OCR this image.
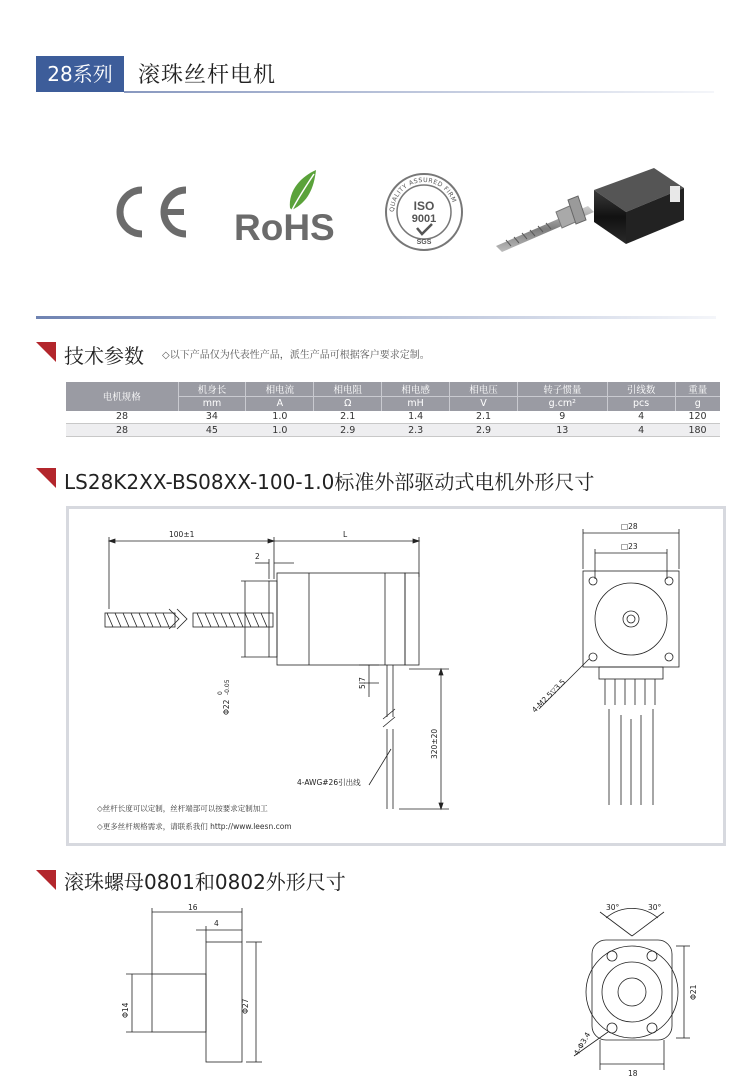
28系列	滚珠丝杆电机
CE
RoHS	QUALITY ASSURED FIRM
ISO
9001
SGS
技术参数 ◇以下产品仅为代表性产品，派生产品可根据客户要求定制。
电机规格	机身长	相电流	相电阻	相电感	相电压	转子惯量	引线数	重量
	mm	A	Ω	mH	V	g.cm²	pcs	g
28	34	1.0	2.1	1.4	2.1	9	4	120
28	45	1.0	2.9	2.3	2.9	13	4	180
LS28K2XX-BS08XX-100-1.0标准外部驱动式电机外形尺寸
100±1	L
2
Φ22
0 -0.05	5.7
320±20
4-AWG#26引出线
□28
□23
4-M2.5▽3.5
◇丝杆长度可以定制，丝杆端部可以按要求定制加工
◇更多丝杆规格需求，请联系我们 http://www.leesn.com
滚珠螺母0801和0802外形尺寸
16
4
Φ14	Φ27
30°	30°
Φ21
4-Φ3.4
18
